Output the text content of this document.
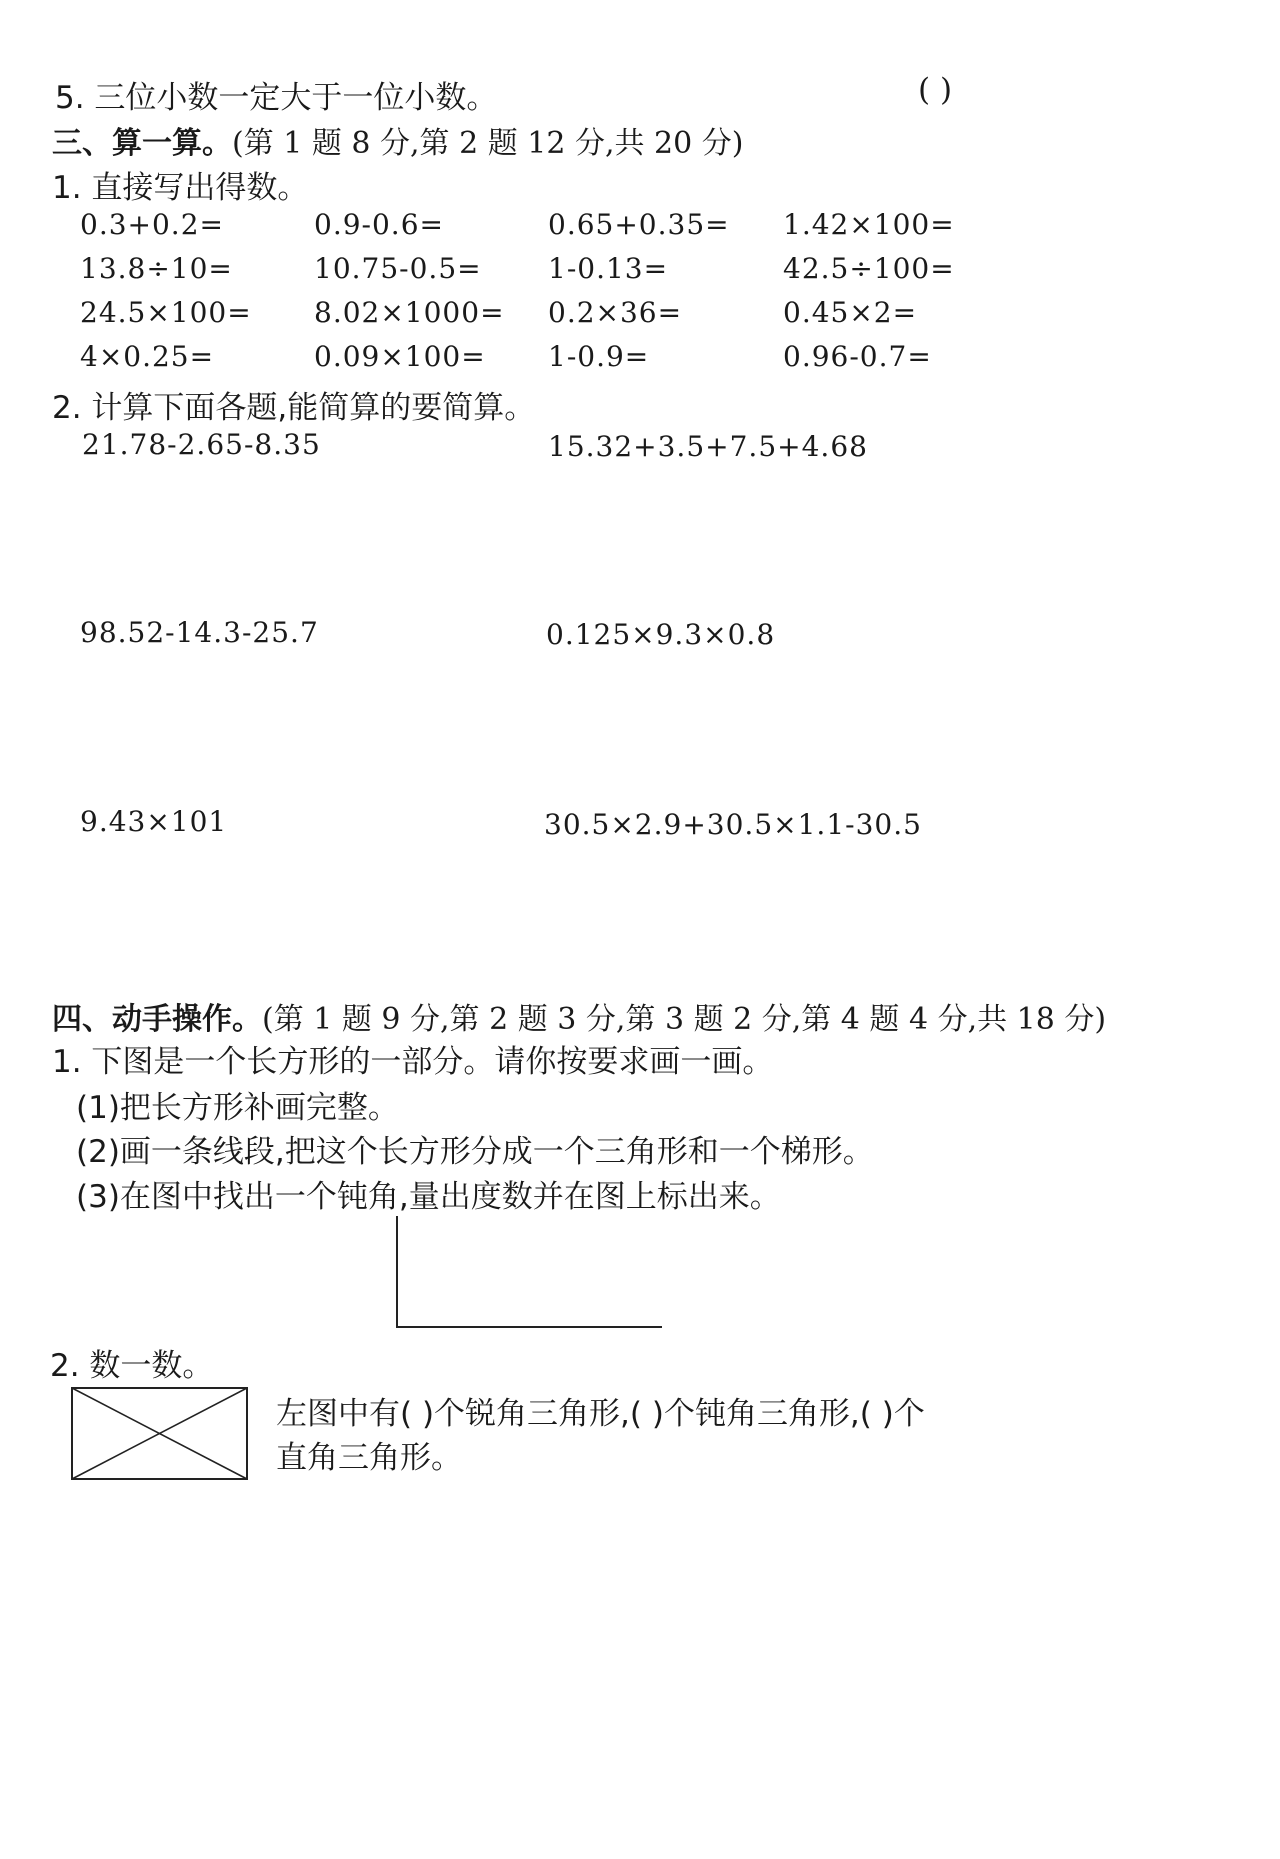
5. 三位小数一定大于一位小数。	( )
三、算一算。(第 1 题 8 分,第 2 题 12 分,共 20 分)
1. 直接写出得数。
0.3+0.2=	0.9-0.6=	0.65+0.35= 1.42×100=
13.8÷10=	10.75-0.5= 1-0.13=	42.5÷100=
24.5×100= 8.02×1000= 0.2×36=	0.45×2=
4×0.25=	0.09×100= 1-0.9=	0.96-0.7=
2. 计算下面各题,能简算的要简算。
21.78-2.65-8.35	15.32+3.5+7.5+4.68
98.52-14.3-25.7	0.125×9.3×0.8
9.43×101	30.5×2.9+30.5×1.1-30.5
四、动手操作。(第 1 题 9 分,第 2 题 3 分,第 3 题 2 分,第 4 题 4 分,共 18 分)
1. 下图是一个长方形的一部分。请你按要求画一画。
(1)把长方形补画完整。
(2)画一条线段,把这个长方形分成一个三角形和一个梯形。
(3)在图中找出一个钝角,量出度数并在图上标出来。
2. 数一数。
左图中有( )个锐角三角形,( )个钝角三角形,( )个
直角三角形。
